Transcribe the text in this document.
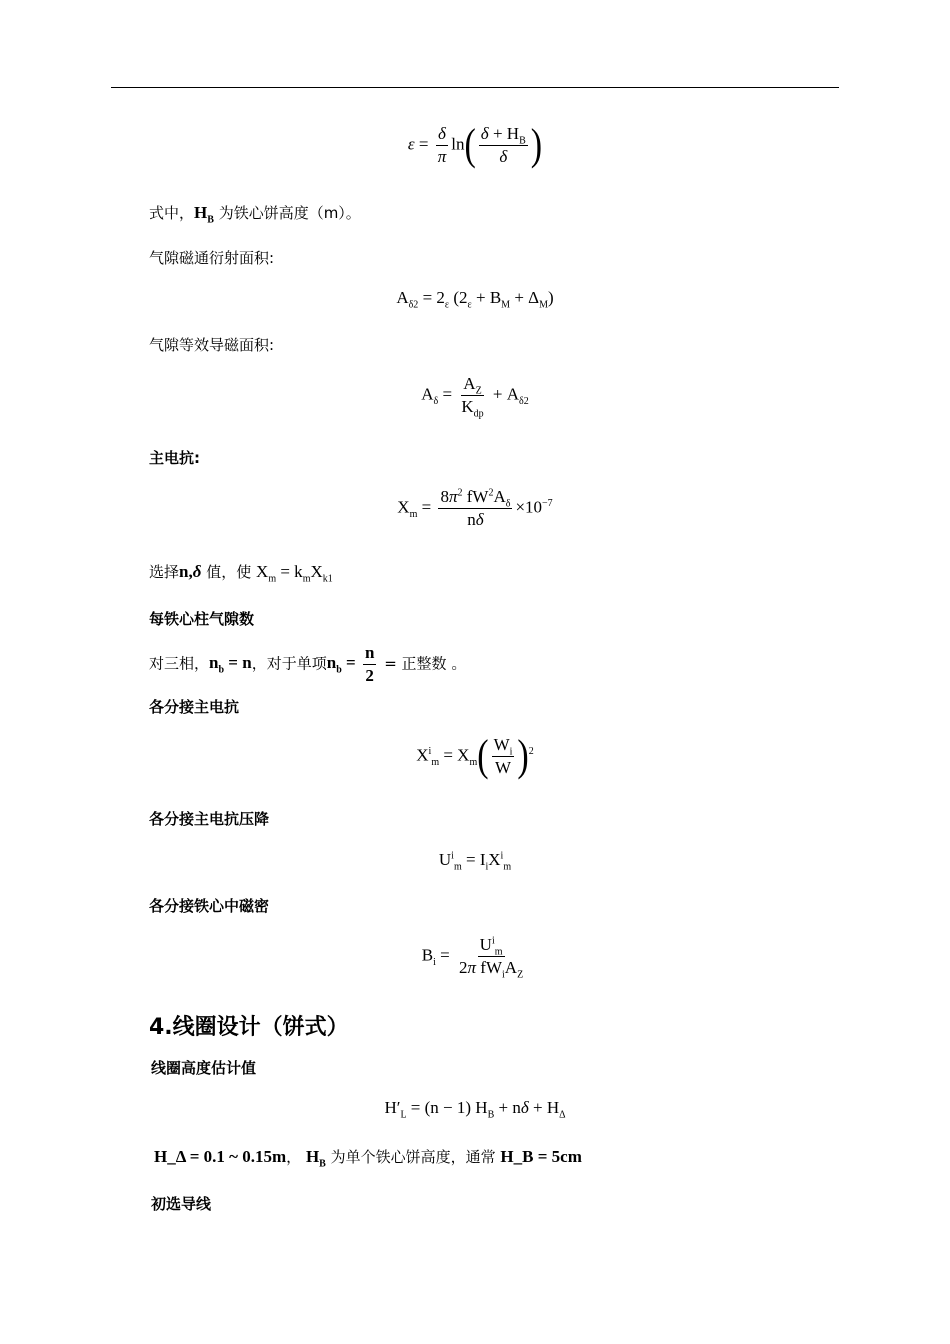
$\varepsilon = \frac{\delta}{\pi} \ln( \frac{\delta + H_B}{\delta}$ )
式中，$H_B$ 为铁心饼高度（m）。
气隙磁通衍射面积:
$A_{\delta 2} = 2_\varepsilon$ $(2_\varepsilon + B_M + \Delta_M)$
气隙等效导磁面积:
$A_\delta = \frac{A_Z}{K_{dp}} + A_{\delta 2}$
主电抗:
$X_m = \frac{8\pi^2 fW^2A_\delta}{n\delta} \times 10^{-7}$
选择n,δ 值，使 $X_m = k_mX_{k1}$
每铁心柱气隙数
对三相，$n_b = n$，对于单项$n_b = \frac{n}{2}$ = 正整数 。
各分接主电抗
$X^i_m = X_m( \frac{W_i}{W} )^2$
各分接主电抗压降
$U^i_m = I_iX^i_m$
各分接铁心中磁密
$B_i = \frac{U^i_m}{2\pi fW_iA_Z}$
4.线圈设计（饼式）
线圈高度估计值
$H'_L = (n - 1) H_B + n\delta + H_\Delta$
H_Δ = 0.1 ~ 0.15m， $H_B$ 为单个铁心饼高度，通常 H_B = 5cm
初选导线
